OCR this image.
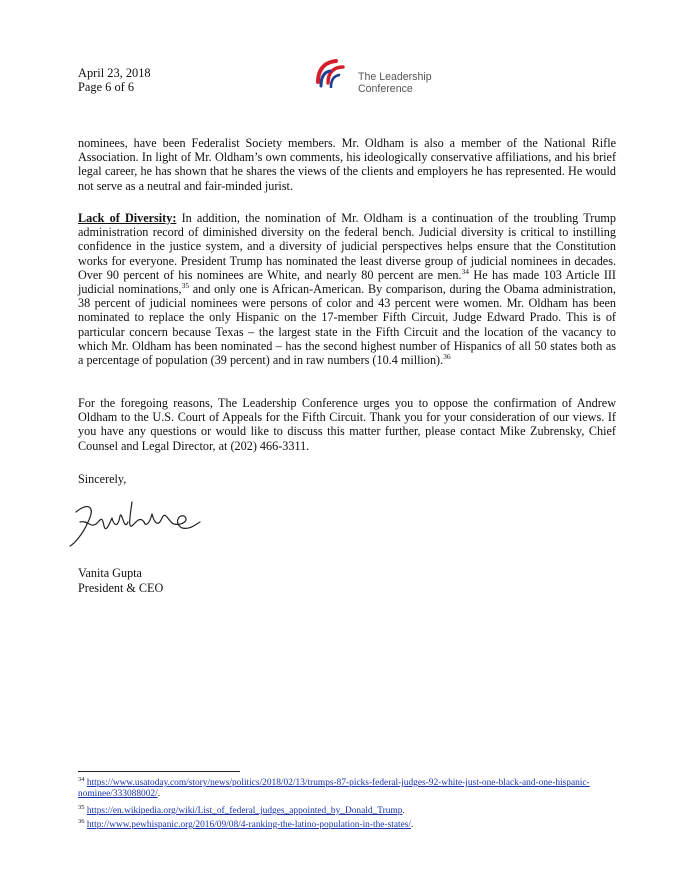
April 23, 2018
Page 6 of 6
The Leadership
Conference

nominees, have been Federalist Society members. Mr. Oldham is also a member of the National Rifle Association. In light of Mr. Oldham’s own comments, his ideologically conservative affiliations, and his brief legal career, he has shown that he shares the views of the clients and employers he has represented. He would not serve as a neutral and fair-minded jurist.

Lack of Diversity: In addition, the nomination of Mr. Oldham is a continuation of the troubling Trump administration record of diminished diversity on the federal bench. Judicial diversity is critical to instilling confidence in the justice system, and a diversity of judicial perspectives helps ensure that the Constitution works for everyone. President Trump has nominated the least diverse group of judicial nominees in decades. Over 90 percent of his nominees are White, and nearly 80 percent are men.$^{34}$ He has made 103 Article III judicial nominations,$^{35}$ and only one is African-American. By comparison, during the Obama administration, 38 percent of judicial nominees were persons of color and 43 percent were women. Mr. Oldham has been nominated to replace the only Hispanic on the 17-member Fifth Circuit, Judge Edward Prado. This is of particular concern because Texas – the largest state in the Fifth Circuit and the location of the vacancy to which Mr. Oldham has been nominated – has the second highest number of Hispanics of all 50 states both as a percentage of population (39 percent) and in raw numbers (10.4 million).$^{36}$

For the foregoing reasons, The Leadership Conference urges you to oppose the confirmation of Andrew Oldham to the U.S. Court of Appeals for the Fifth Circuit. Thank you for your consideration of our views. If you have any questions or would like to discuss this matter further, please contact Mike Zubrensky, Chief Counsel and Legal Director, at (202) 466-3311.

Sincerely,
Vanita Gupta
President & CEO
$^{34}$ https://www.usatoday.com/story/news/politics/2018/02/13/trumps-87-picks-federal-judges-92-white-just-one-black-and-one-hispanic-nominee/333088002/.
$^{35}$ https://en.wikipedia.org/wiki/List_of_federal_judges_appointed_by_Donald_Trump.
$^{36}$ http://www.pewhispanic.org/2016/09/08/4-ranking-the-latino-population-in-the-states/.
